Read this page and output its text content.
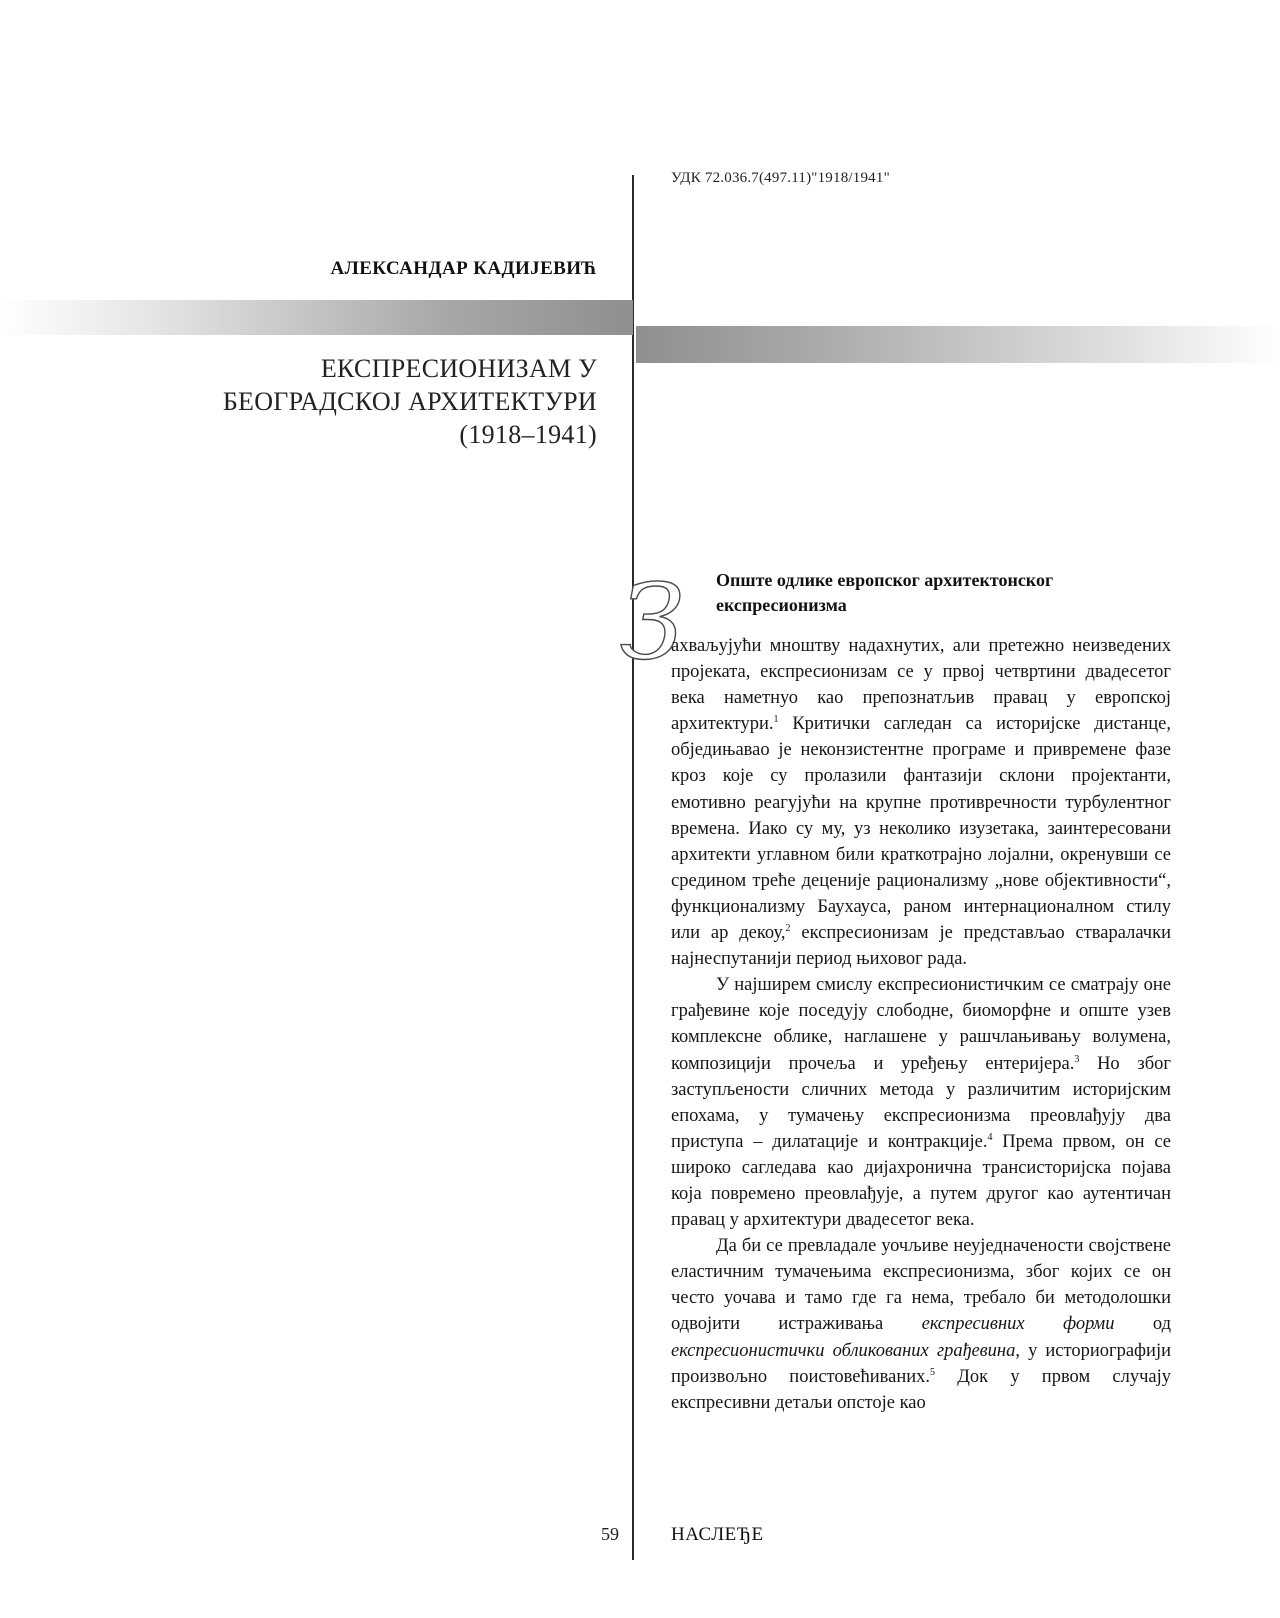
УДК 72.036.7(497.11)"1918/1941"
АЛЕКСАНДАР КАДИЈЕВИЋ
ЕКСПРЕСИОНИЗАМ У
БЕОГРАДСКОЈ АРХИТЕКТУРИ
(1918–1941)
З Опште одлике европског архитектонског експресионизма

ахваљујући мноштву надахнутих, али претежно неизведених пројеката, експресионизам се у првој четвртини двадесетог века наметнуо као препознатљив правац у европској архитектури.$^1$ Критички сагледан са историјске дистанце, обједињавао је неконзистентне програме и привремене фазе кроз које су пролазили фантазији склони пројектанти, емотивно реагујући на крупне противречности турбулентног времена. Иако су му, уз неколико изузетака, заинтересовани архитекти углавном били краткотрајно лојални, окренувши се средином треће деценије рационализму „нове објективности“, функционализму Баухауса, раном интернационалном стилу или ар декоу,$^2$ експресионизам је представљао стваралачки најнеспутанији период њиховог рада.

У најширем смислу експресионистичким се сматрају оне грађевине које поседују слободне, биоморфне и опште узев комплексне облике, наглашене у рашчлањивању волумена, композицији прочеља и уређењу ентеријера.$^3$ Но због заступљености сличних метода у различитим историјским епохама, у тумачењу експресионизма преовлађују два приступа – дилатације и контракције.$^4$ Према првом, он се широко сагледава као дијахронична трансисторијска појава која повремено преовлађује, а путем другог као аутентичан правац у архитектури двадесетог века.

Да би се превладале уочљиве неуједначености својствене еластичним тумачењима експресионизма, због којих се он често уочава и тамо где га нема, требало би методолошки одвојити истраживања експресивних форми од експресионистички обликованих грађевина, у историографији произвољно поистовећиваних.$^5$ Док у првом случају експресивни детаљи опстоје као

59	НАСЛЕЂЕ
